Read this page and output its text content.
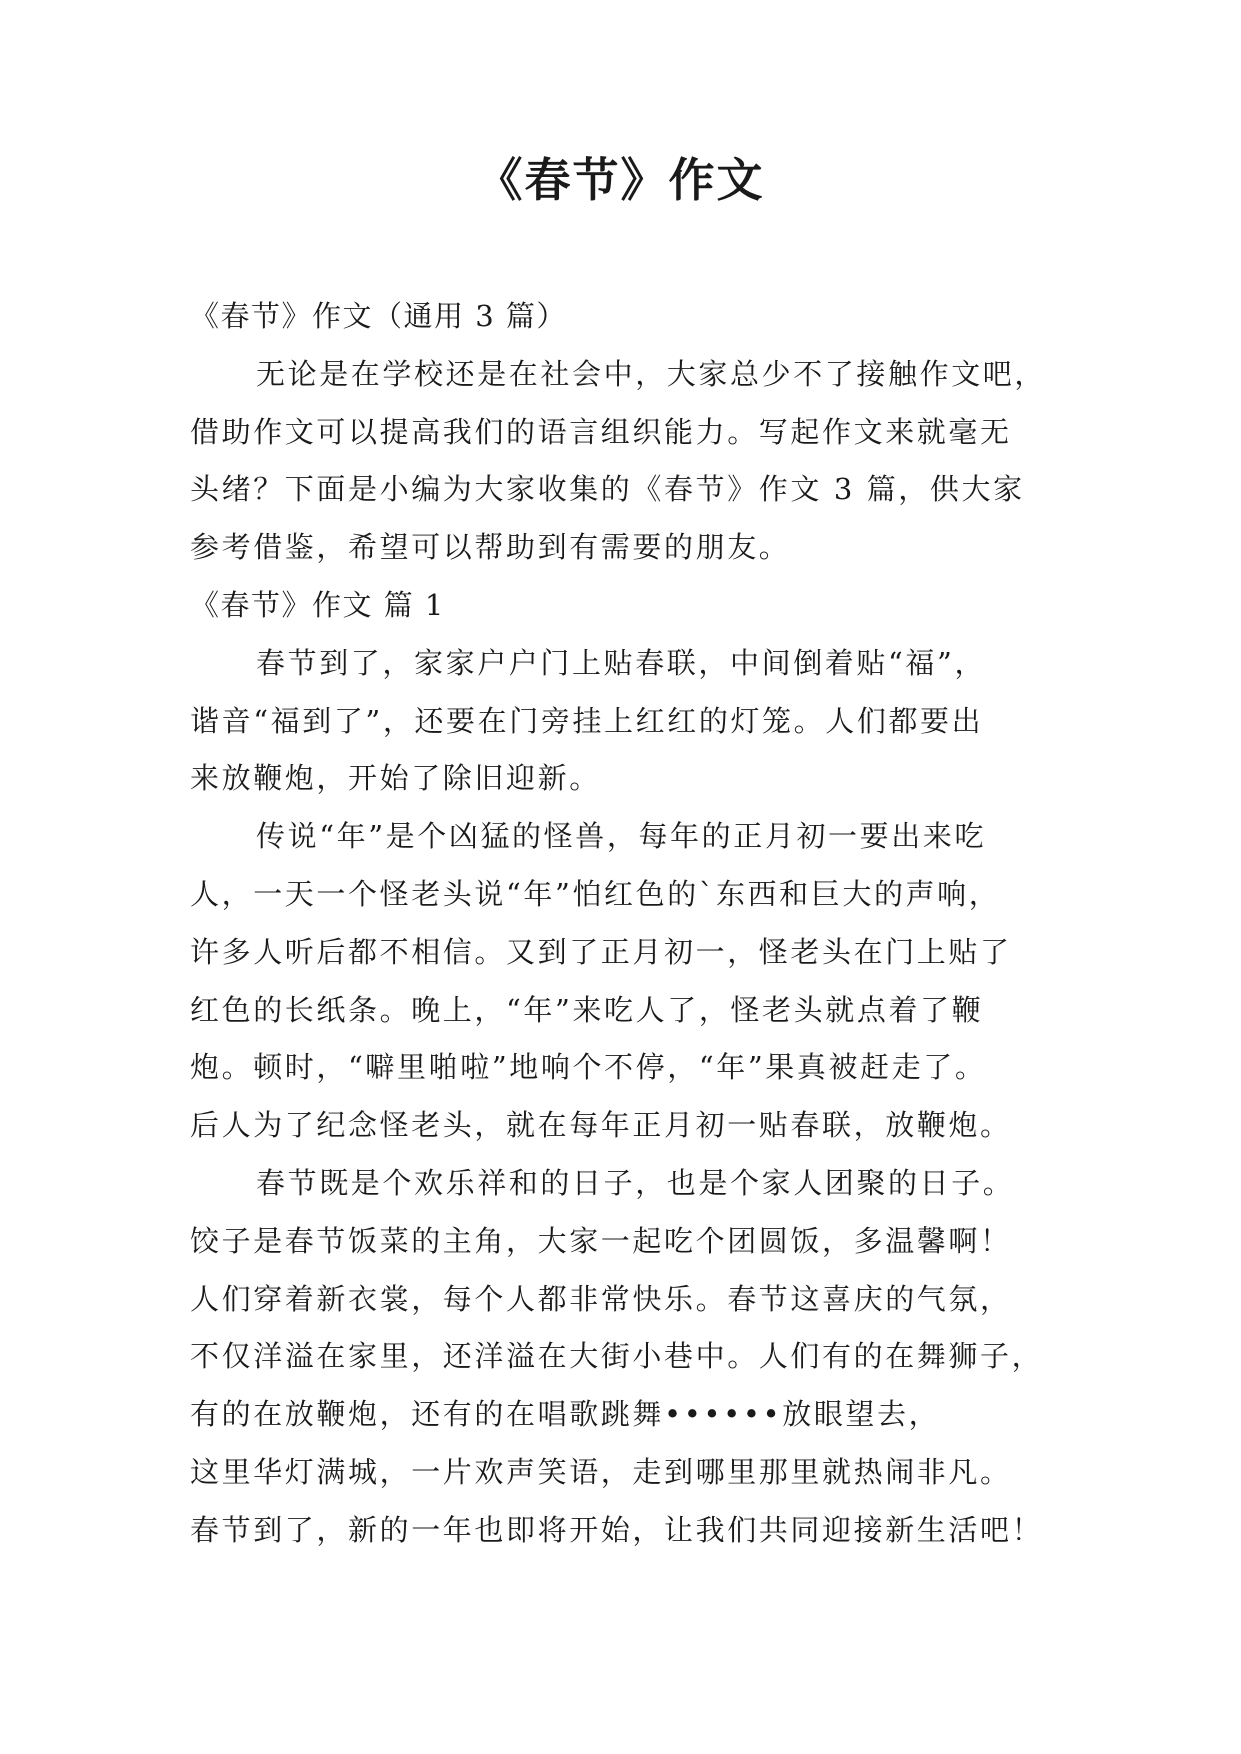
《春节》作文
《春节》作文（通用 3 篇）
无论是在学校还是在社会中，大家总少不了接触作文吧，
借助作文可以提高我们的语言组织能力。写起作文来就毫无
头绪？下面是小编为大家收集的《春节》作文 3 篇，供大家
参考借鉴，希望可以帮助到有需要的朋友。
《春节》作文 篇 1
春节到了，家家户户门上贴春联，中间倒着贴“福”，
谐音“福到了”，还要在门旁挂上红红的灯笼。人们都要出
来放鞭炮，开始了除旧迎新。
传说“年”是个凶猛的怪兽，每年的正月初一要出来吃
人，一天一个怪老头说“年”怕红色的`东西和巨大的声响，
许多人听后都不相信。又到了正月初一，怪老头在门上贴了
红色的长纸条。晚上，“年”来吃人了，怪老头就点着了鞭
炮。顿时，“噼里啪啦”地响个不停，“年”果真被赶走了。
后人为了纪念怪老头，就在每年正月初一贴春联，放鞭炮。
春节既是个欢乐祥和的日子，也是个家人团聚的日子。
饺子是春节饭菜的主角，大家一起吃个团圆饭，多温馨啊！
人们穿着新衣裳，每个人都非常快乐。春节这喜庆的气氛，
不仅洋溢在家里，还洋溢在大街小巷中。人们有的在舞狮子，
有的在放鞭炮，还有的在唱歌跳舞••••••放眼望去，
这里华灯满城，一片欢声笑语，走到哪里那里就热闹非凡。
春节到了，新的一年也即将开始，让我们共同迎接新生活吧！
